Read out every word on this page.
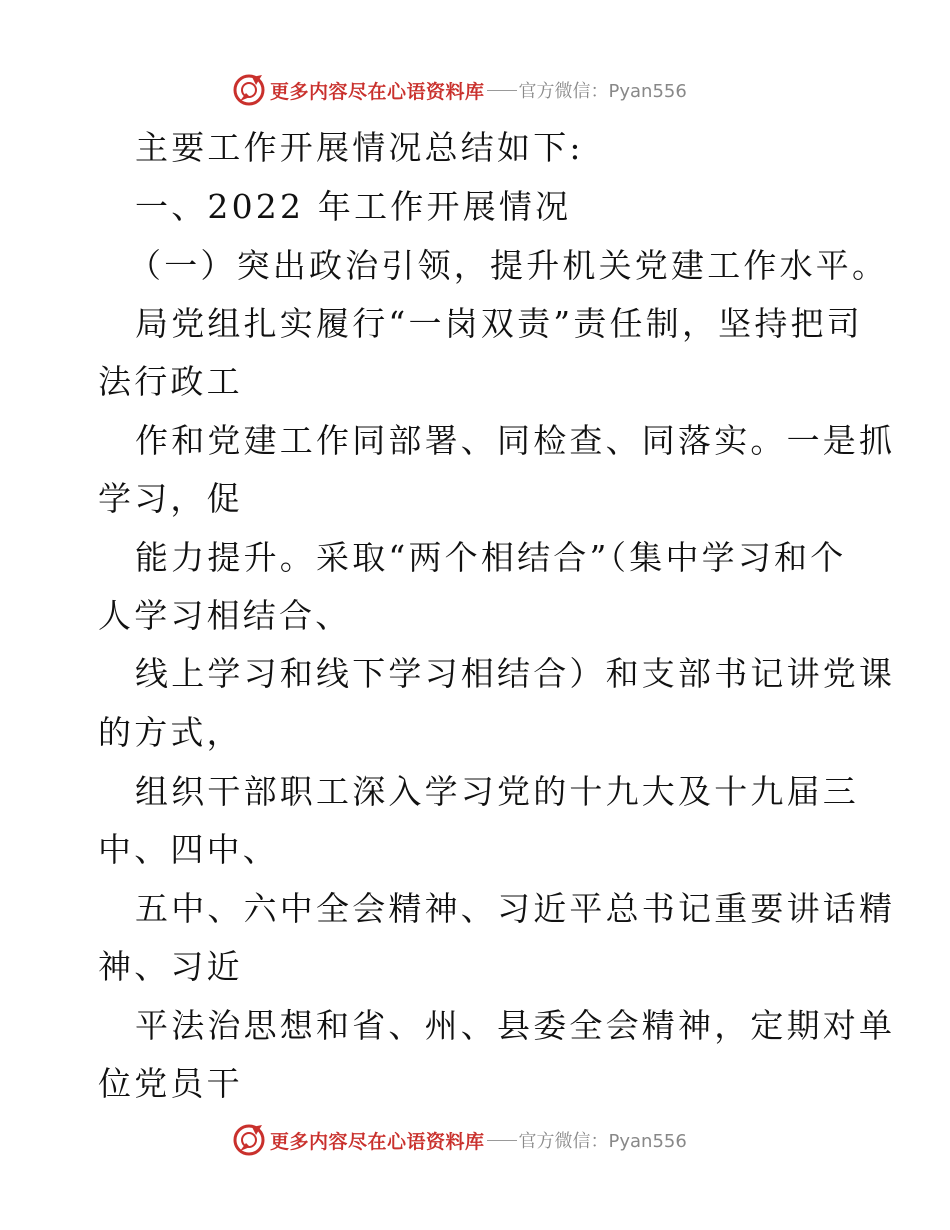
更多内容尽在心语资料库 官方微信：Pyan556
主要工作开展情况总结如下:
一、2022 年工作开展情况
（一）突出政治引领，提升机关党建工作水平。
局党组扎实履行“一岗双责”责任制，坚持把司
法行政工
作和党建工作同部署、同检查、同落实。一是抓
学习，促
能力提升。采取“两个相结合”（集中学习和个
人学习相结合、
线上学习和线下学习相结合）和支部书记讲党课
的方式，
组织干部职工深入学习党的十九大及十九届三
中、四中、
五中、六中全会精神、习近平总书记重要讲话精
神、习近
平法治思想和省、州、县委全会精神，定期对单
位党员干
更多内容尽在心语资料库 官方微信：Pyan556
